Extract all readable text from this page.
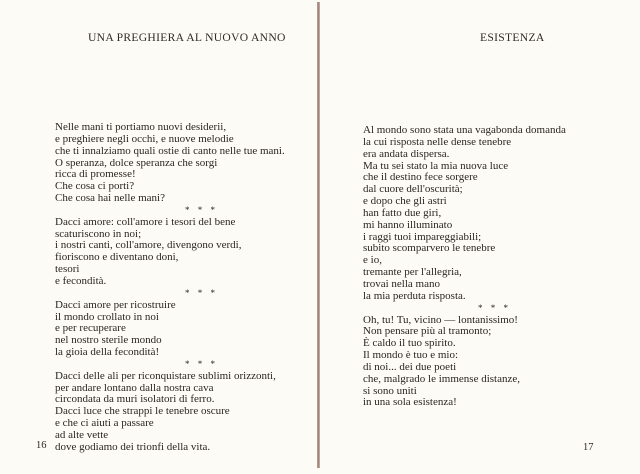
UNA PREGHIERA AL NUOVO ANNO
Nelle mani ti portiamo nuovi desiderii,
e preghiere negli occhi, e nuove melodie
che ti innalziamo quali ostie di canto nelle tue mani.
O speranza, dolce speranza che sorgi
ricca di promesse!
Che cosa ci porti?
Che cosa hai nelle mani?
* * *
Dacci amore: coll'amore i tesori del bene
scaturiscono in noi;
i nostri canti, coll'amore, divengono verdi,
fioriscono e diventano doni,
tesori
e fecondità.
* * *
Dacci amore per ricostruire
il mondo crollato in noi
e per recuperare
nel nostro sterile mondo
la gioia della fecondità!
* * *
Dacci delle ali per riconquistare sublimi orizzonti,
per andare lontano dalla nostra cava
circondata da muri isolatori di ferro.
Dacci luce che strappi le tenebre oscure
e che ci aiuti a passare
ad alte vette
dove godiamo dei trionfi della vita.
16
ESISTENZA
Al mondo sono stata una vagabonda domanda
la cui risposta nelle dense tenebre
era andata dispersa.
Ma tu sei stato la mia nuova luce
che il destino fece sorgere
dal cuore dell'oscurità;
e dopo che gli astri
han fatto due giri,
mi hanno illuminato
i raggi tuoi impareggiabili;
subito scomparvero le tenebre
e io,
tremante per l'allegria,
trovai nella mano
la mia perduta risposta.
* * *
Oh, tu! Tu, vicino — lontanissimo!
Non pensare più al tramonto;
È caldo il tuo spirito.
Il mondo è tuo e mio:
di noi... dei due poeti
che, malgrado le immense distanze,
si sono uniti
in una sola esistenza!
17
